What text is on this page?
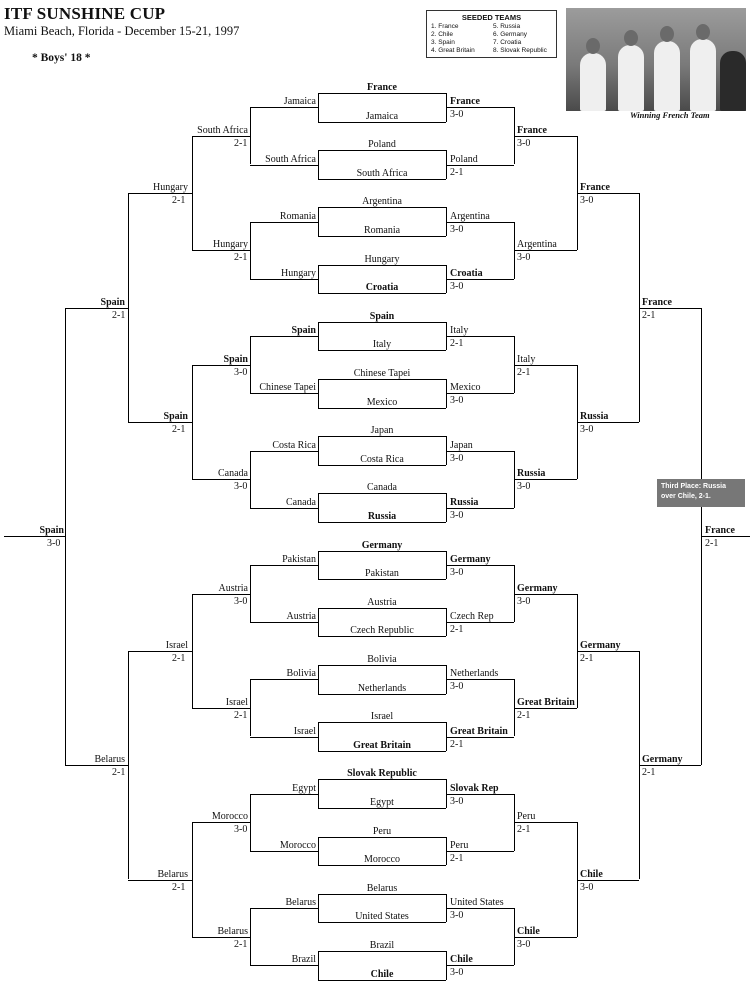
ITF SUNSHINE CUP
Miami Beach, Florida - December 15-21, 1997
* Boys' 18 *
SEEDED TEAMS
1. France
2. Chile
3. Spain
4. Great Britain
5. Russia
6. Germany
7. Croatia
8. Slovak Republic
Winning French Team
France
Jamaica
Poland
South Africa
Argentina
Romania
Hungary
Croatia
Spain
Italy
Chinese Tapei
Mexico
Japan
Costa Rica
Canada
Russia
Germany
Pakistan
Austria
Czech Republic
Bolivia
Netherlands
Israel
Great Britain
Slovak Republic
Egypt
Peru
Morocco
Belarus
United States
Brazil
Chile
Jamaica
South Africa
Romania
Hungary
Spain
Chinese Tapei
Costa Rica
Canada
Pakistan
Austria
Bolivia
Israel
Egypt
Morocco
Belarus
Brazil
South Africa
2-1
Hungary
2-1
Spain
3-0
Canada
3-0
Austria
3-0
Israel
2-1
Morocco
3-0
Belarus
2-1
Hungary
2-1
Spain
2-1
Israel
2-1
Belarus
2-1
Spain
2-1
Belarus
2-1
Spain
3-0
France
3-0
Poland
2-1
Argentina
3-0
Croatia
3-0
Italy
2-1
Mexico
3-0
Japan
3-0
Russia
3-0
Germany
3-0
Czech Rep
2-1
Netherlands
3-0
Great Britain
2-1
Slovak Rep
3-0
Peru
2-1
United States
3-0
Chile
3-0
France
3-0
Argentina
3-0
Italy
2-1
Russia
3-0
Germany
3-0
Great Britain
2-1
Peru
2-1
Chile
3-0
France
3-0
Russia
3-0
Germany
2-1
Chile
3-0
France
2-1
Germany
2-1
France
2-1
Third Place: Russia over Chile, 2-1.
